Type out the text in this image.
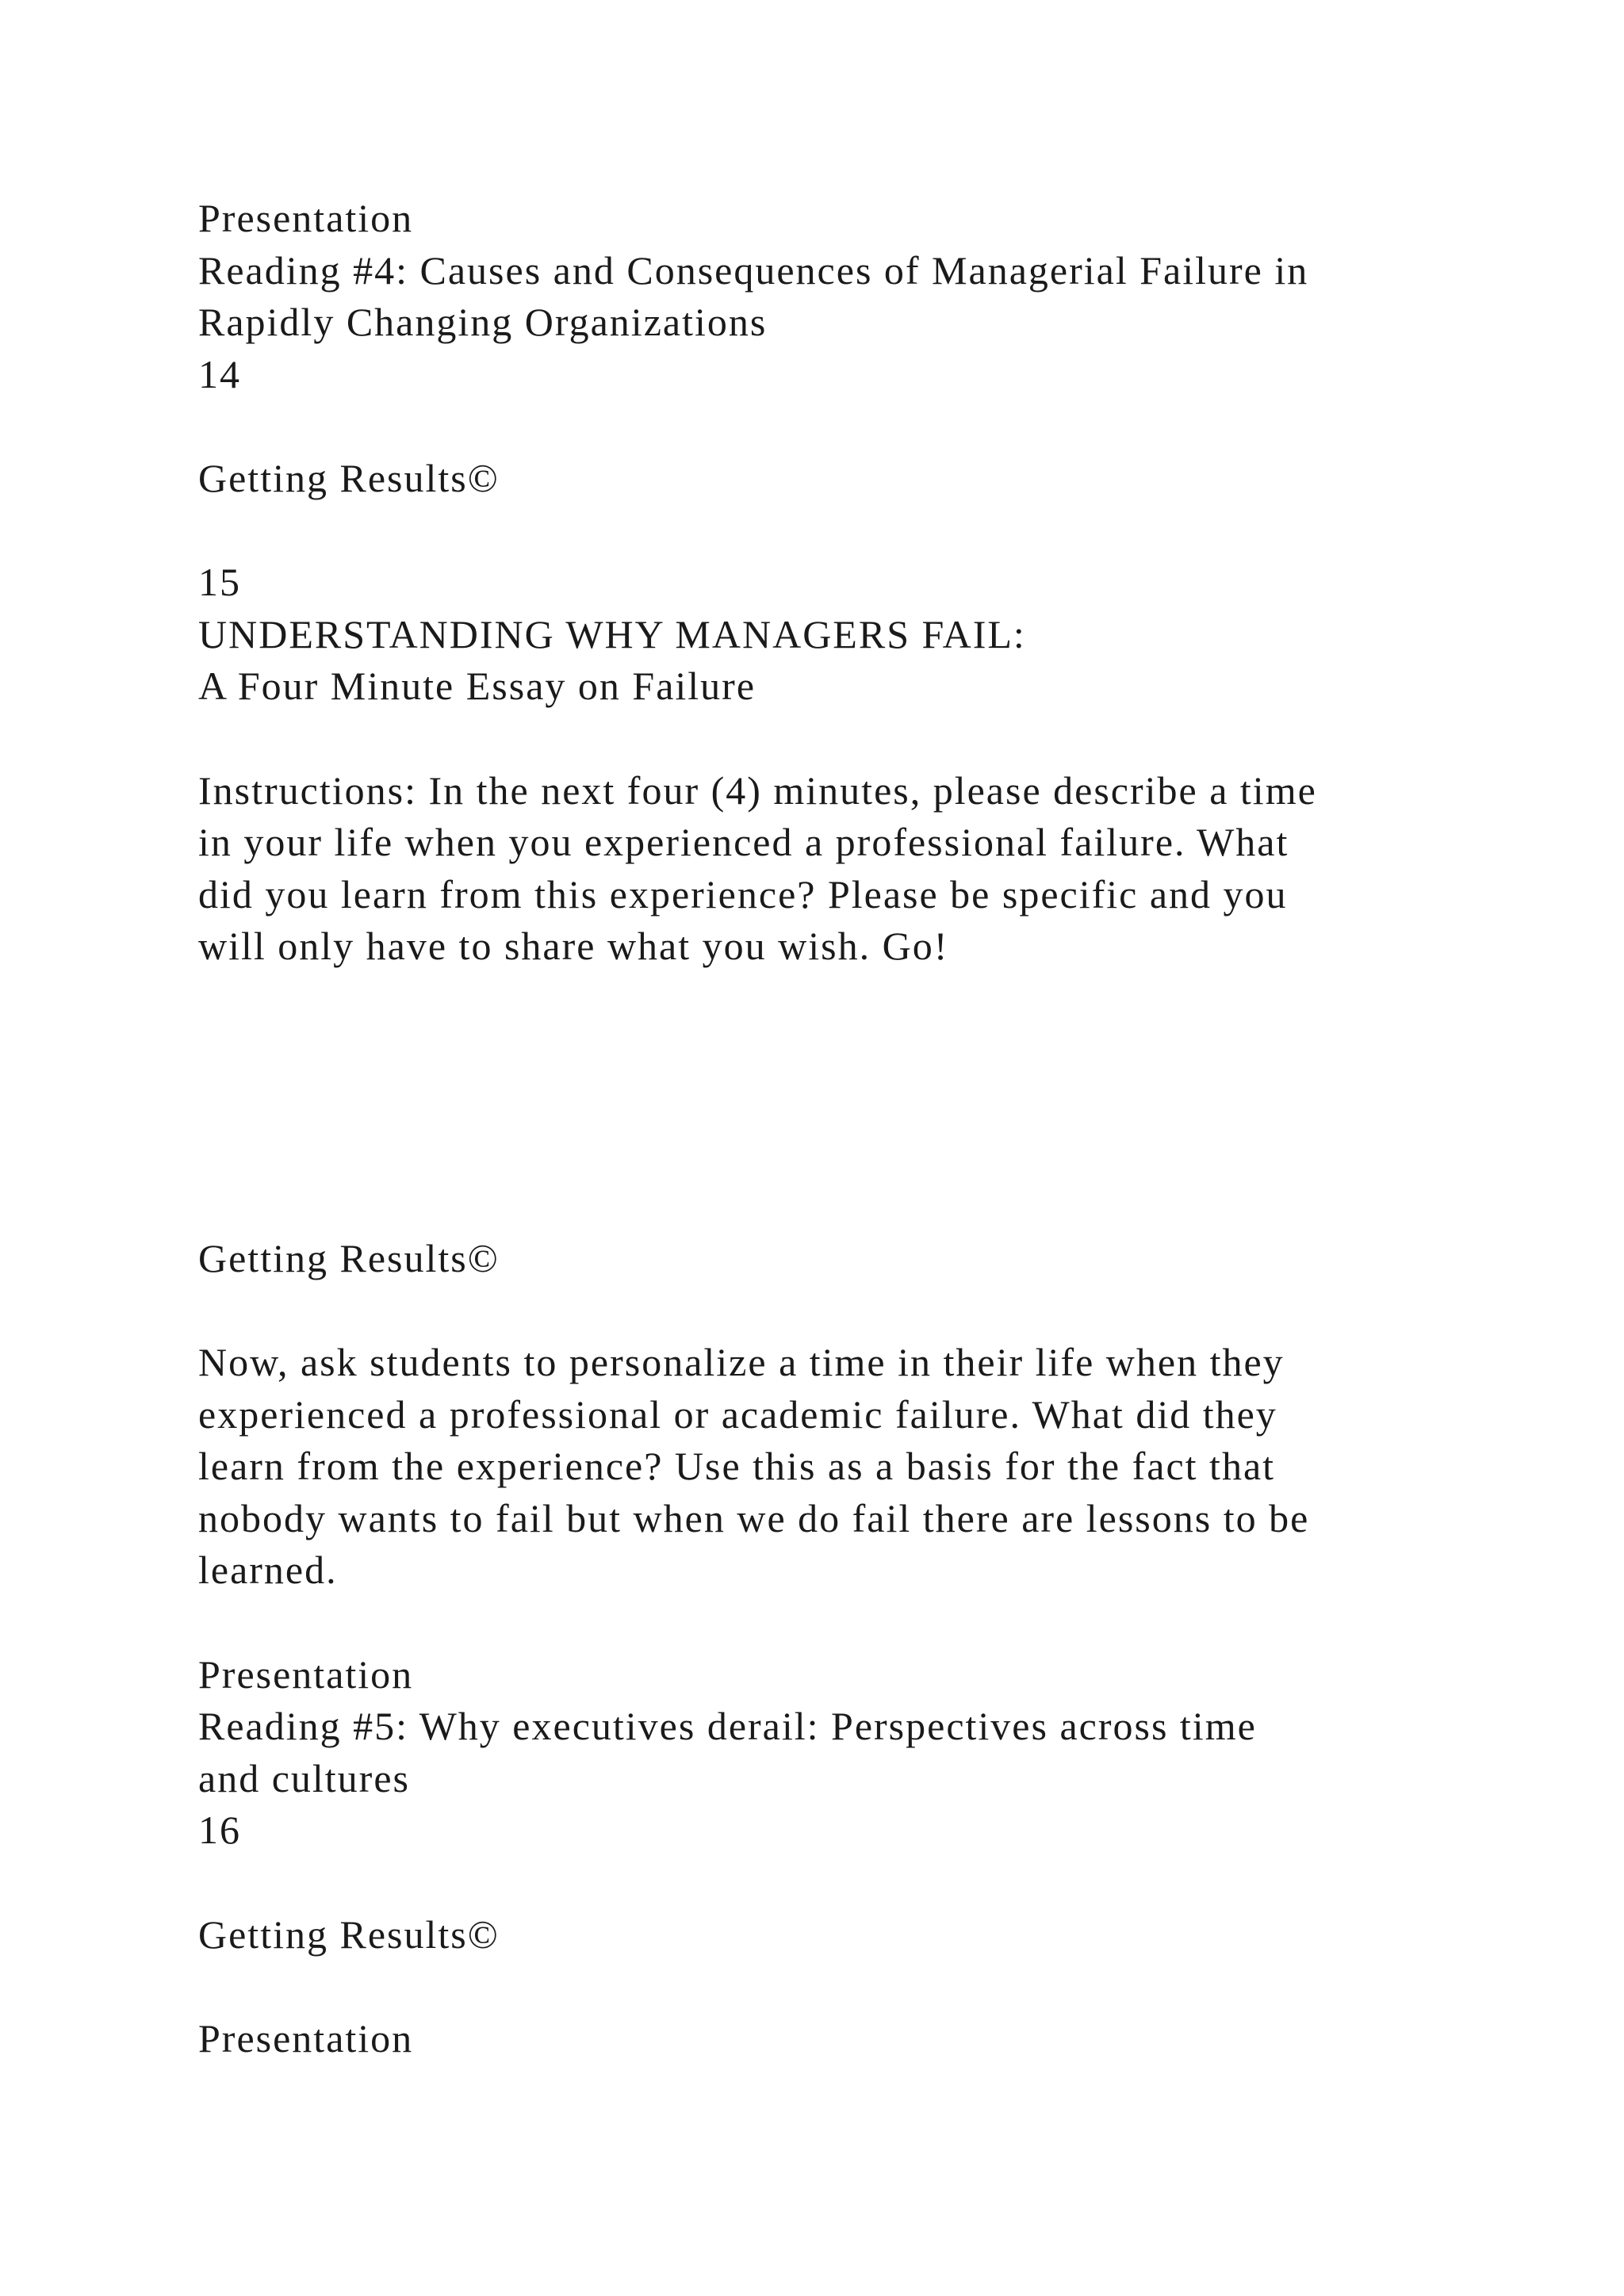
Presentation
Reading #4: Causes and Consequences of Managerial Failure in
Rapidly Changing Organizations
14
Getting Results©
15
UNDERSTANDING WHY MANAGERS FAIL:
A Four Minute Essay on Failure
Instructions: In the next four (4) minutes, please describe a time
in your life when you experienced a professional failure. What
did you learn from this experience? Please be specific and you
will only have to share what you wish. Go!
Getting Results©
Now, ask students to personalize a time in their life when they
experienced a professional or academic failure. What did they
learn from the experience? Use this as a basis for the fact that
nobody wants to fail but when we do fail there are lessons to be
learned.
Presentation
Reading #5: Why executives derail: Perspectives across time
and cultures
16
Getting Results©
Presentation
